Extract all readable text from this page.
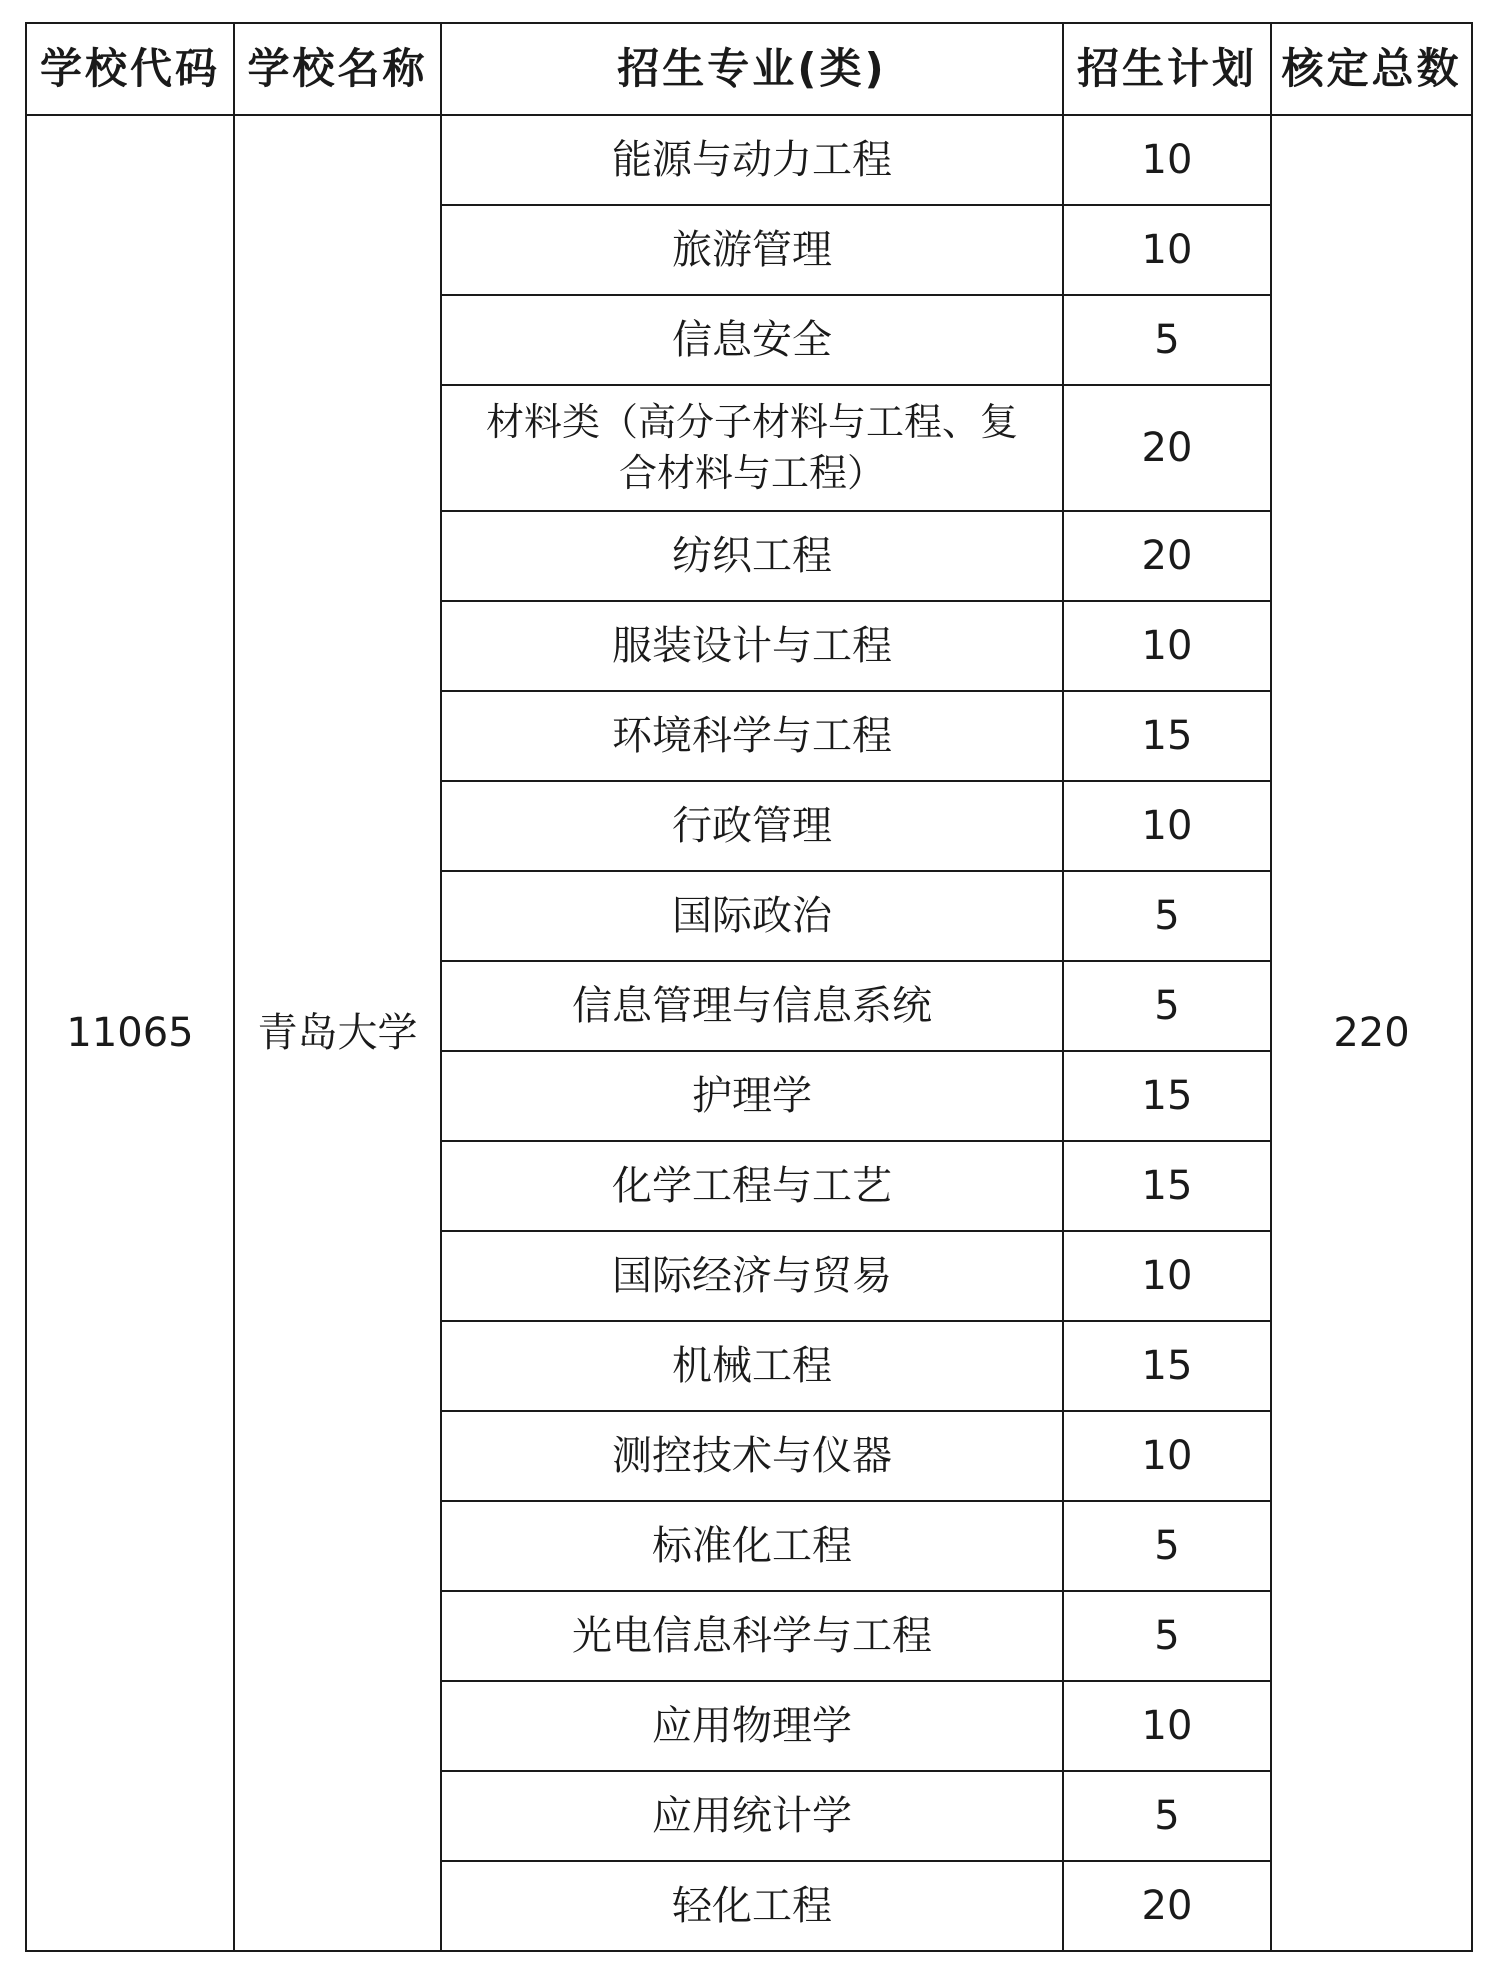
学校代码	学校名称	招生专业(类)	招生计划	核定总数
11065	青岛大学	能源与动力工程	10	220
		旅游管理	10	
		信息安全	5	
		材料类（高分子材料与工程、复合材料与工程）	20	
		纺织工程	20	
		服装设计与工程	10	
		环境科学与工程	15	
		行政管理	10	
		国际政治	5	
		信息管理与信息系统	5	
		护理学	15	
		化学工程与工艺	15	
		国际经济与贸易	10	
		机械工程	15	
		测控技术与仪器	10	
		标准化工程	5	
		光电信息科学与工程	5	
		应用物理学	10	
		应用统计学	5	
		轻化工程	20	
